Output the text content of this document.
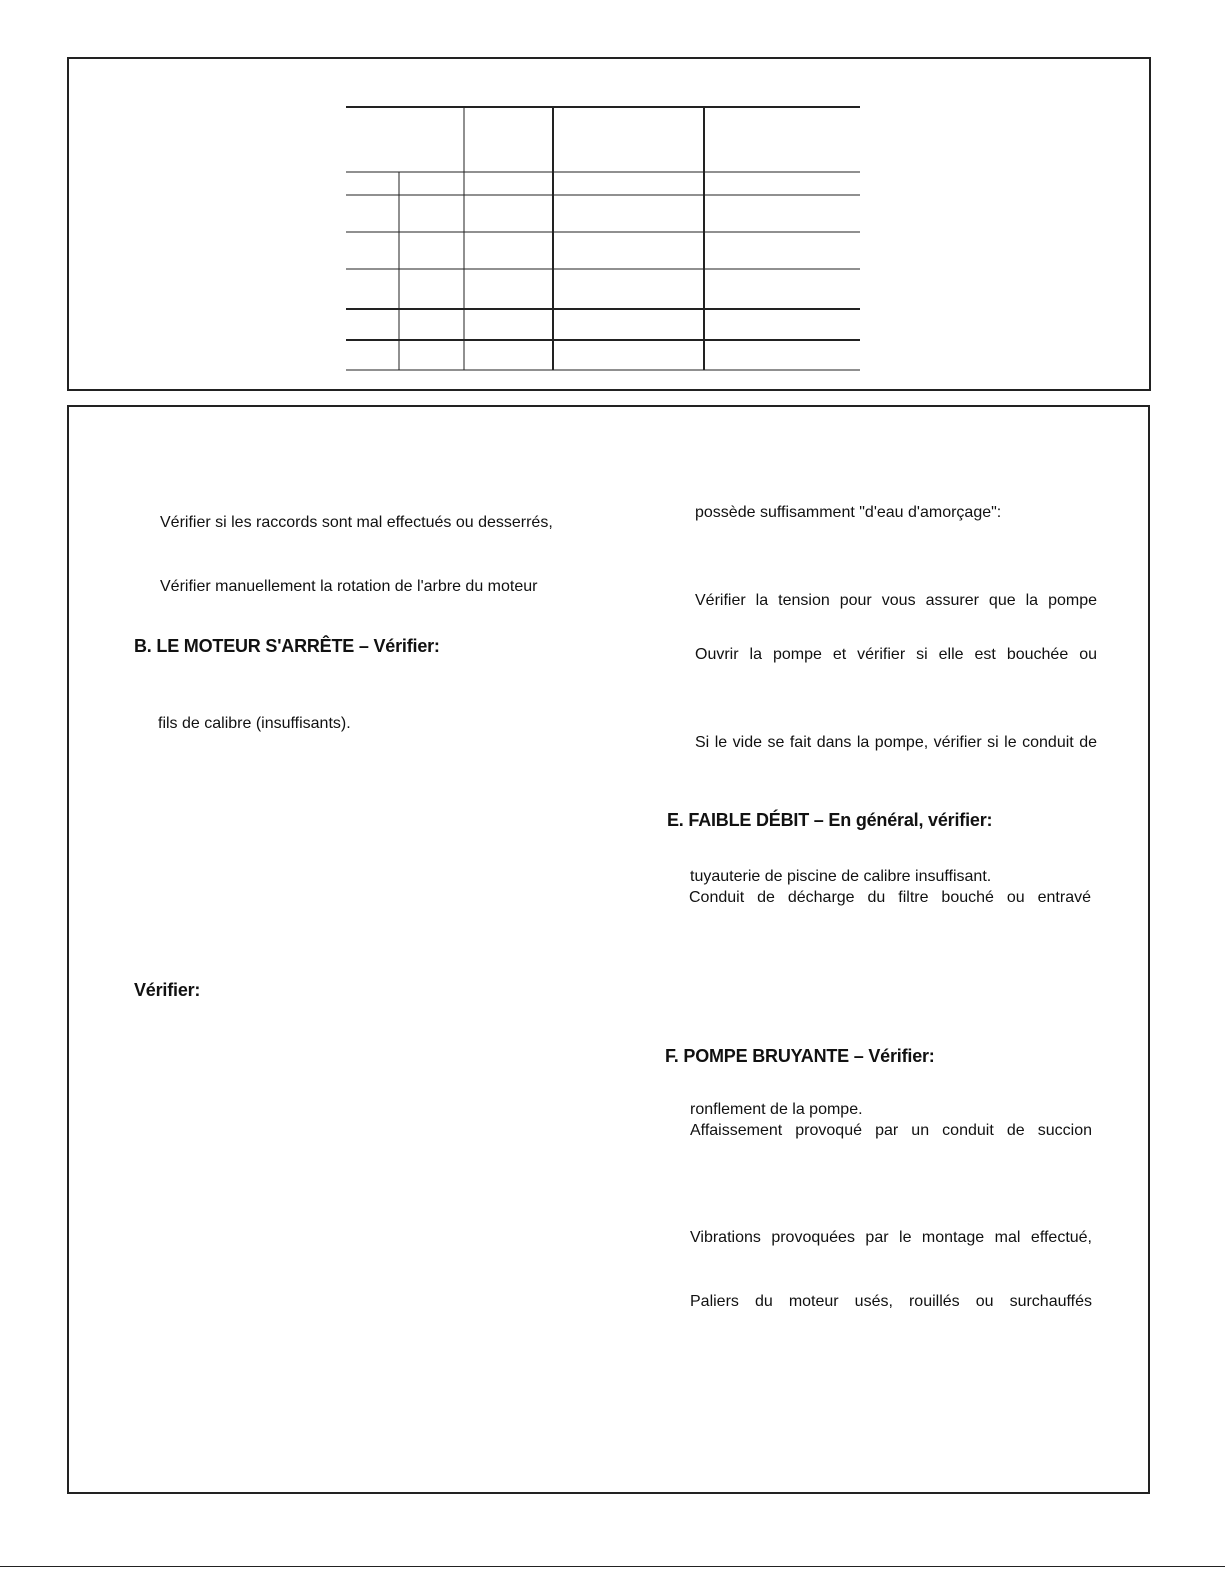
Vérifier si les raccords sont mal effectués ou desserrés,
Vérifier manuellement la rotation de l'arbre du moteur
B. LE MOTEUR S'ARRÊTE – Vérifier:
fils de calibre (insuffisants).
Vérifier:
possède suffisamment "d'eau d'amorçage":
Vérifier la tension pour vous assurer que la pompe
Ouvrir la pompe et vérifier si elle est bouchée ou
Si le vide se fait dans la pompe, vérifier si le conduit de
E. FAIBLE DÉBIT – En général, vérifier:
tuyauterie de piscine de calibre insuffisant.
Conduit de décharge du filtre bouché ou entravé
F. POMPE BRUYANTE – Vérifier:
ronflement de la pompe.
Affaissement provoqué par un conduit de succion
Vibrations provoquées par le montage mal effectué,
Paliers du moteur usés, rouillés ou surchauffés
